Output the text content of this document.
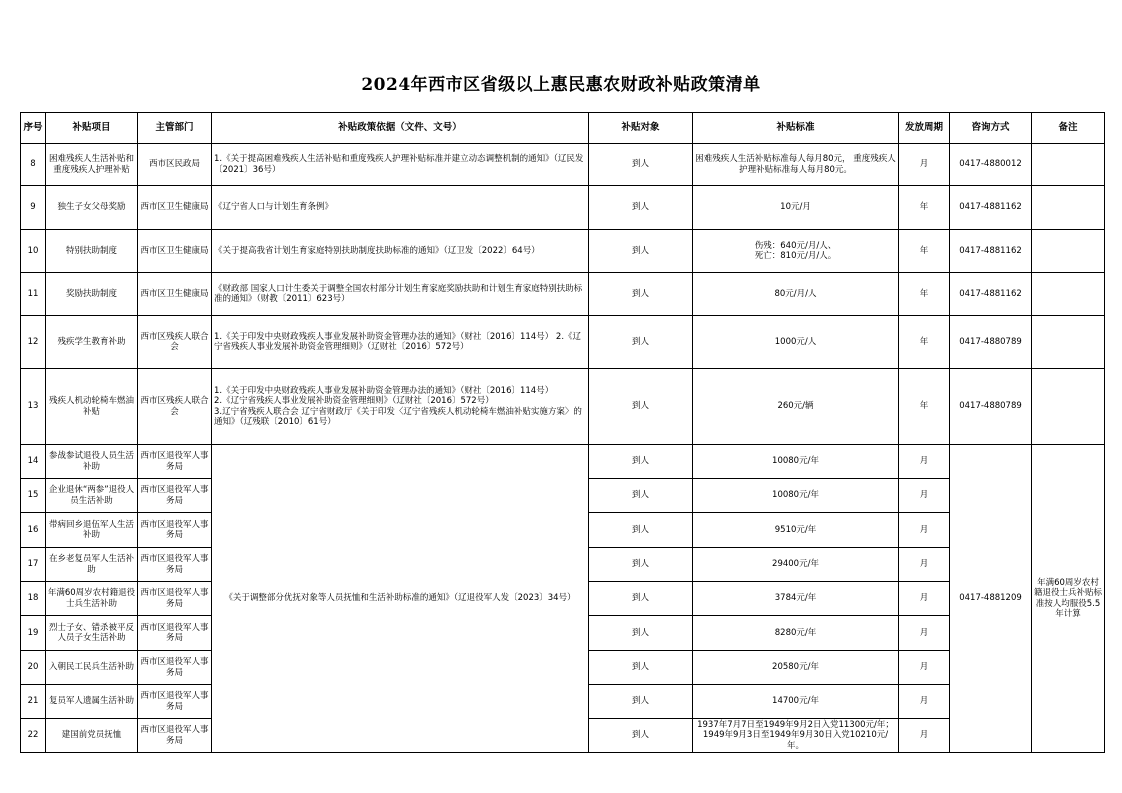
2024年西市区省级以上惠民惠农财政补贴政策清单
序号	补贴项目	主管部门	补贴政策依据（文件、文号）	补贴对象	补贴标准	发放周期	咨询方式	备注
8	困难残疾人生活补贴和重度残疾人护理补贴	西市区民政局	1.《关于提高困难残疾人生活补贴和重度残疾人护理补贴标准并建立动态调整机制的通知》（辽民发〔2021〕36号）	到人	困难残疾人生活补贴标准每人每月80元， 重度残疾人护理补贴标准每人每月80元。	月	0417-4880012	
9	独生子女父母奖励	西市区卫生健康局	《辽宁省人口与计划生育条例》	到人	10元/月	年	0417-4881162	
10	特别扶助制度	西市区卫生健康局	《关于提高我省计划生育家庭特别扶助制度扶助标准的通知》（辽卫发〔2022〕64号）	到人	伤残：640元/月/人、
死亡：810元/月/人。	年	0417-4881162	
11	奖励扶助制度	西市区卫生健康局	《财政部 国家人口计生委关于调整全国农村部分计划生育家庭奖励扶助和计划生育家庭特别扶助标准的通知》（财教〔2011〕623号）	到人	80元/月/人	年	0417-4881162	
12	残疾学生教育补助	西市区残疾人联合会	1.《关于印发中央财政残疾人事业发展补助资金管理办法的通知》（财社〔2016〕114号） 2.《辽宁省残疾人事业发展补助资金管理细则》（辽财社〔2016〕572号）	到人	1000元/人	年	0417-4880789	
13	残疾人机动轮椅车燃油补贴	西市区残疾人联合会	1.《关于印发中央财政残疾人事业发展补助资金管理办法的通知》（财社〔2016〕114号）
2.《辽宁省残疾人事业发展补助资金管理细则》（辽财社〔2016〕572号）
3.辽宁省残疾人联合会 辽宁省财政厅《关于印发〈辽宁省残疾人机动轮椅车燃油补贴实施方案〉的通知》（辽残联〔2010〕61号）	到人	260元/辆	年	0417-4880789	
14	参战参试退役人员生活补助	西市区退役军人事务局	《关于调整部分优抚对象等人员抚恤和生活补助标准的通知》（辽退役军人发〔2023〕34号）	到人	10080元/年	月	0417-4881209	年满60周岁农村籍退役士兵补贴标准按人均服役5.5年计算
15	企业退休“两参”退役人员生活补助	西市区退役军人事务局		到人	10080元/年	月		
16	带病回乡退伍军人生活补助	西市区退役军人事务局		到人	9510元/年	月		
17	在乡老复员军人生活补助	西市区退役军人事务局		到人	29400元/年	月		
18	年满60周岁农村籍退役士兵生活补助	西市区退役军人事务局		到人	3784元/年	月		
19	烈士子女、错杀被平反人员子女生活补助	西市区退役军人事务局		到人	8280元/年	月		
20	入朝民工民兵生活补助	西市区退役军人事务局		到人	20580元/年	月		
21	复员军人遗属生活补助	西市区退役军人事务局		到人	14700元/年	月		
22	建国前党员抚恤	西市区退役军人事务局		到人	1937年7月7日至1949年9月2日入党11300元/年；1949年9月3日至1949年9月30日入党10210元/年。	月		
